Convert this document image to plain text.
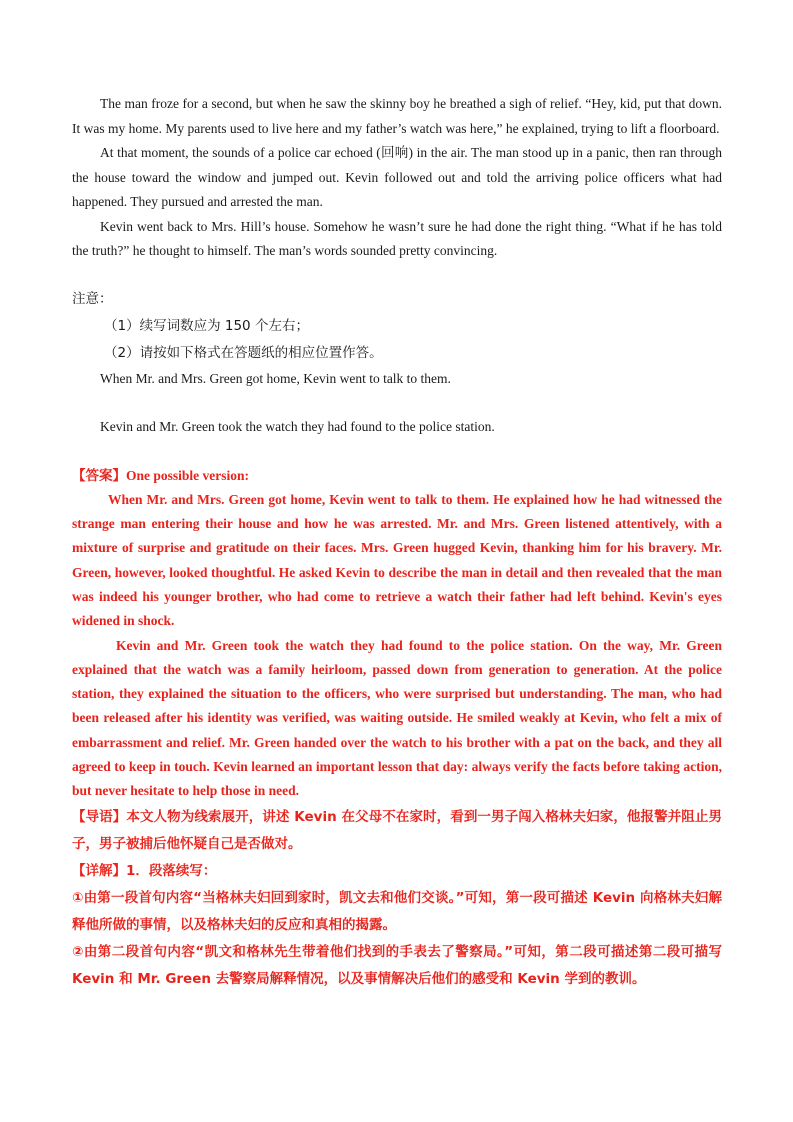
The man froze for a second, but when he saw the skinny boy he breathed a sigh of relief. “Hey, kid, put that down. It was my home. My parents used to live here and my father’s watch was here,” he explained, trying to lift a floorboard.

At that moment, the sounds of a police car echoed (回响) in the air. The man stood up in a panic, then ran through the house toward the window and jumped out. Kevin followed out and told the arriving police officers what had happened. They pursued and arrested the man.

Kevin went back to Mrs. Hill’s house. Somehow he wasn’t sure he had done the right thing. “What if he has told the truth?” he thought to himself. The man’s words sounded pretty convincing.

注意：

（1）续写词数应为 150 个左右；

（2）请按如下格式在答题纸的相应位置作答。

When Mr. and Mrs. Green got home, Kevin went to talk to them.

Kevin and Mr. Green took the watch they had found to the police station.

【答案】One possible version:

When Mr. and Mrs. Green got home, Kevin went to talk to them. He explained how he had witnessed the strange man entering their house and how he was arrested. Mr. and Mrs. Green listened attentively, with a mixture of surprise and gratitude on their faces. Mrs. Green hugged Kevin, thanking him for his bravery. Mr. Green, however, looked thoughtful. He asked Kevin to describe the man in detail and then revealed that the man was indeed his younger brother, who had come to retrieve a watch their father had left behind. Kevin's eyes widened in shock.

Kevin and Mr. Green took the watch they had found to the police station. On the way, Mr. Green explained that the watch was a family heirloom, passed down from generation to generation. At the police station, they explained the situation to the officers, who were surprised but understanding. The man, who had been released after his identity was verified, was waiting outside. He smiled weakly at Kevin, who felt a mix of embarrassment and relief. Mr. Green handed over the watch to his brother with a pat on the back, and they all agreed to keep in touch. Kevin learned an important lesson that day: always verify the facts before taking action, but never hesitate to help those in need.

【导语】本文人物为线索展开，讲述 Kevin 在父母不在家时，看到一男子闯入格林夫妇家，他报警并阻止男子，男子被捕后他怀疑自己是否做对。

【详解】1．段落续写：

①由第一段首句内容“当格林夫妇回到家时，凯文去和他们交谈。”可知，第一段可描述 Kevin 向格林夫妇解释他所做的事情，以及格林夫妇的反应和真相的揭露。

②由第二段首句内容“凯文和格林先生带着他们找到的手表去了警察局。”可知，第二段可描述第二段可描写 Kevin 和 Mr. Green 去警察局解释情况，以及事情解决后他们的感受和 Kevin 学到的教训。
